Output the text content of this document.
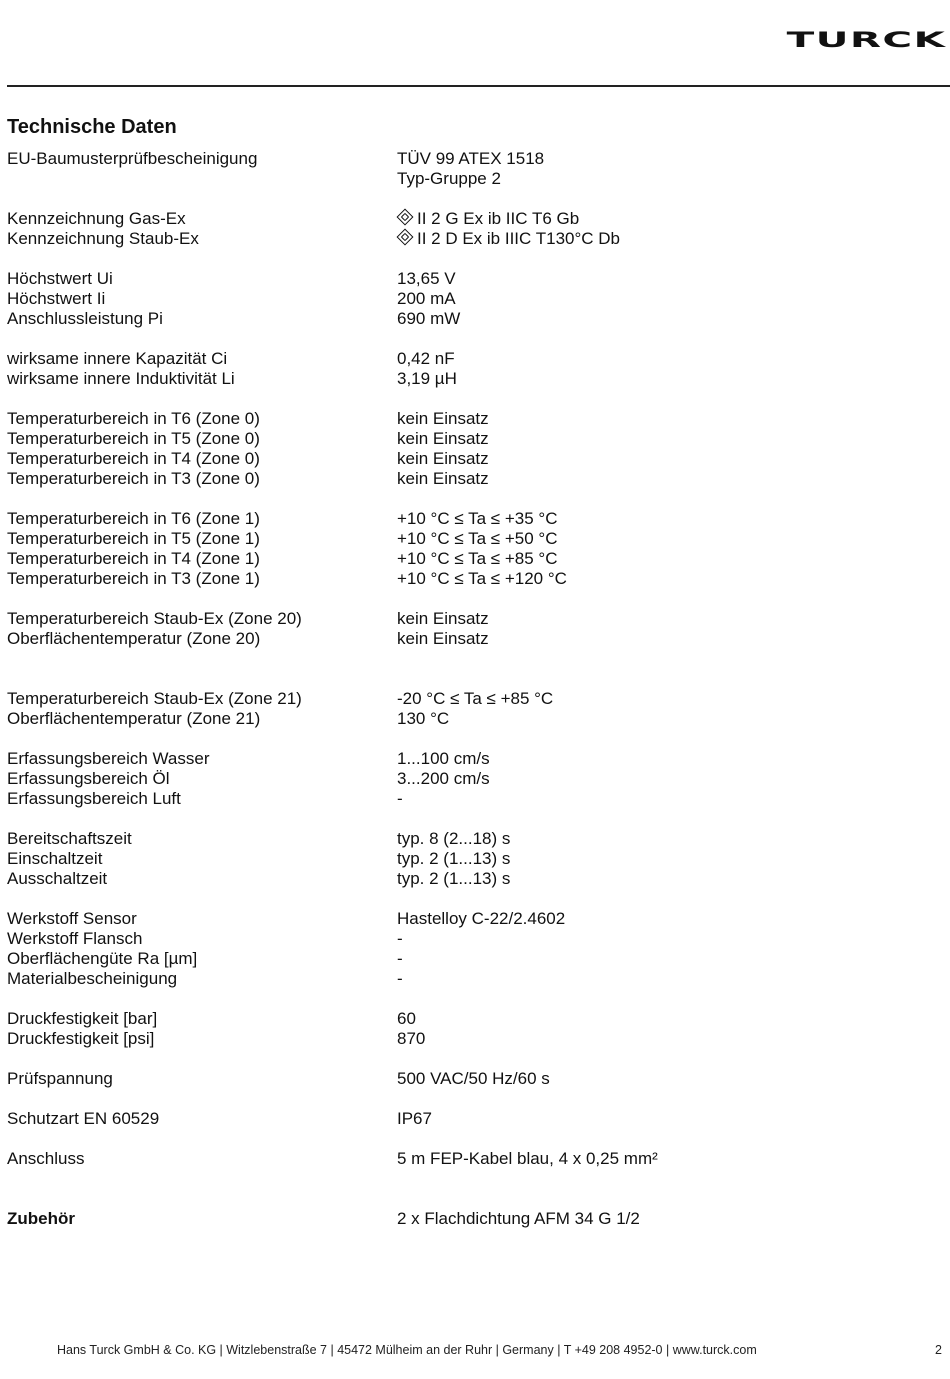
TURCK
Technische Daten
EU-Baumusterprüfbescheinigung	TÜV 99 ATEX 1518
Typ-Gruppe 2
Kennzeichnung Gas-Ex	II 2 G Ex ib IIC T6 Gb
Kennzeichnung Staub-Ex	II 2 D Ex ib IIIC T130°C Db
Höchstwert Ui	13,65 V
Höchstwert Ii	200 mA
Anschlussleistung Pi	690 mW
wirksame innere Kapazität Ci	0,42 nF
wirksame innere Induktivität Li	3,19 µH
Temperaturbereich in T6 (Zone 0)	kein Einsatz
Temperaturbereich in T5 (Zone 0)	kein Einsatz
Temperaturbereich in T4 (Zone 0)	kein Einsatz
Temperaturbereich in T3 (Zone 0)	kein Einsatz
Temperaturbereich in T6 (Zone 1)	+10 °C ≤ Ta ≤ +35 °C
Temperaturbereich in T5 (Zone 1)	+10 °C ≤ Ta ≤ +50 °C
Temperaturbereich in T4 (Zone 1)	+10 °C ≤ Ta ≤ +85 °C
Temperaturbereich in T3 (Zone 1)	+10 °C ≤ Ta ≤ +120 °C
Temperaturbereich Staub-Ex (Zone 20)	kein Einsatz
Oberflächentemperatur (Zone 20)	kein Einsatz
Temperaturbereich Staub-Ex (Zone 21)	-20 °C ≤ Ta ≤ +85 °C
Oberflächentemperatur (Zone 21)	130 °C
Erfassungsbereich Wasser	1...100 cm/s
Erfassungsbereich Öl	3...200 cm/s
Erfassungsbereich Luft	-
Bereitschaftszeit	typ. 8 (2...18) s
Einschaltzeit	typ. 2 (1...13) s
Ausschaltzeit	typ. 2 (1...13) s
Werkstoff Sensor	Hastelloy C-22/2.4602
Werkstoff Flansch	-
Oberflächengüte Ra [µm]	-
Materialbescheinigung	-
Druckfestigkeit [bar]	60
Druckfestigkeit [psi]	870
Prüfspannung	500 VAC/50 Hz/60 s
Schutzart EN 60529	IP67
Anschluss	5 m FEP-Kabel blau, 4 x 0,25 mm²
Zubehör	2 x Flachdichtung AFM 34 G 1/2
Hans Turck GmbH & Co. KG | Witzlebenstraße 7 | 45472 Mülheim an der Ruhr | Germany | T +49 208 4952-0 | www.turck.com	2
